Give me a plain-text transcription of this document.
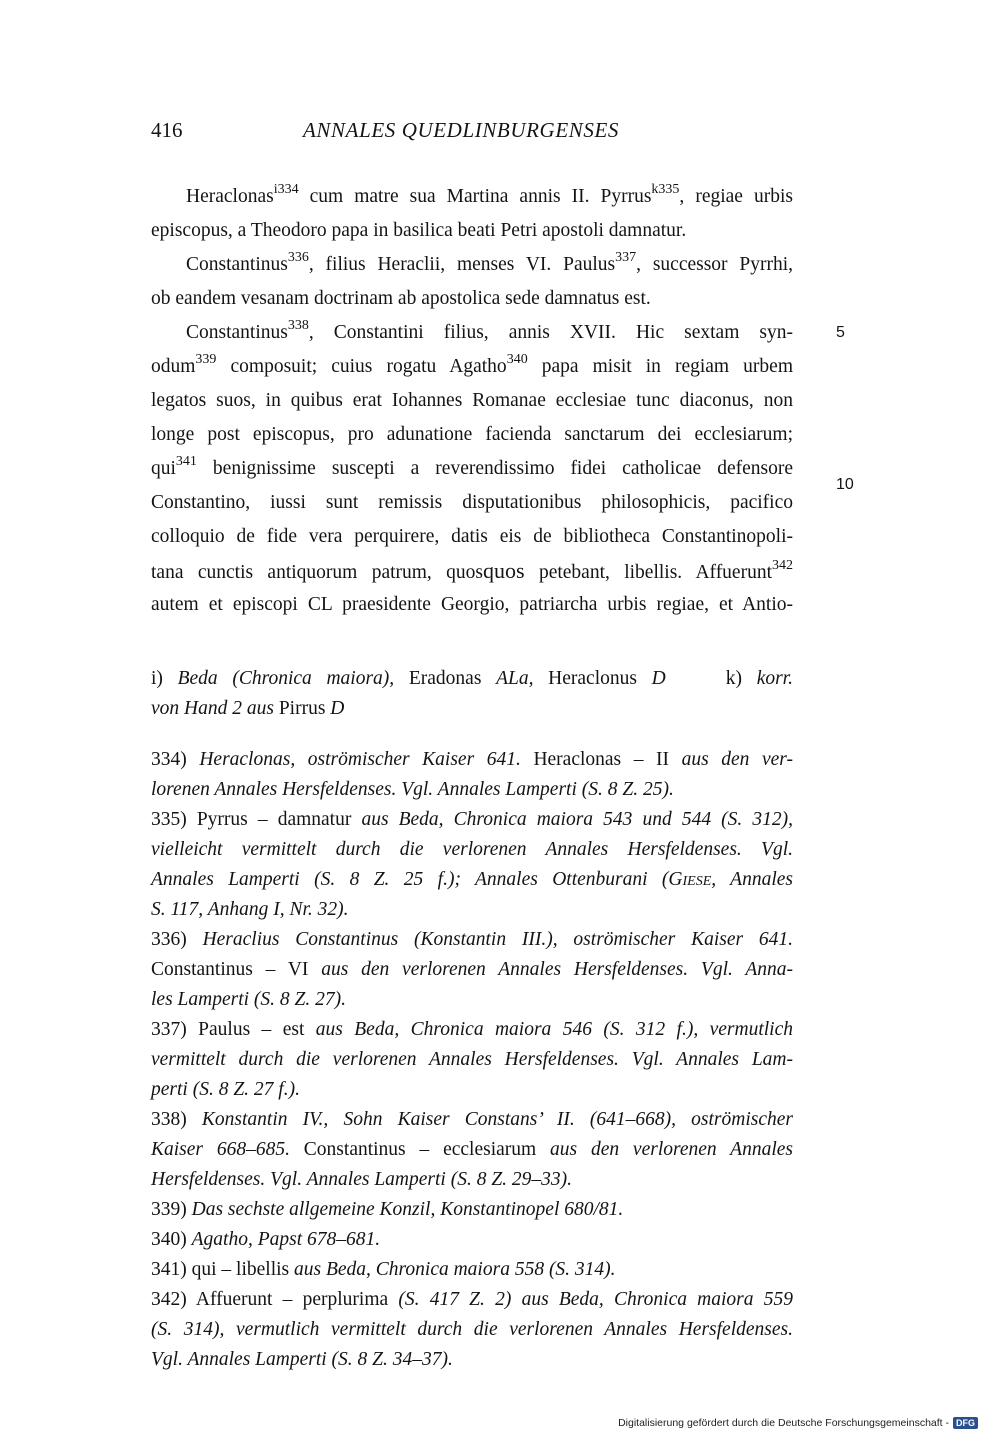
416	ANNALES QUEDLINBURGENSES
Heraclonas$^{i334}$ cum matre sua Martina annis II. Pyrrus$^{k335}$, regiae urbis
episcopus, a Theodoro papa in basilica beati Petri apostoli damnatur.
Constantinus$^{336}$, filius Heraclii, menses VI. Paulus$^{337}$, successor Pyrrhi,
ob eandem vesanam doctrinam ab apostolica sede damnatus est.
Constantinus$^{338}$, Constantini filius, annis XVII. Hic sextam syn-
odum$^{339}$ composuit; cuius rogatu Agatho$^{340}$ papa misit in regiam urbem
legatos suos, in quibus erat Iohannes Romanae ecclesiae tunc diaconus, non
longe post episcopus, pro adunatione facienda sanctarum dei ecclesiarum;
qui$^{341}$ benignissime suscepti a reverendissimo fidei catholicae defensore
Constantino, iussi sunt remissis disputationibus philosophicis, pacifico
colloquio de fide vera perquirere, datis eis de bibliotheca Constantinopoli-
tana cunctis antiquorum patrum, quosquos petebant, libellis. Affuerunt$^{342}$
autem et episcopi CL praesidente Georgio, patriarcha urbis regiae, et Antio-
5
10
i) Beda (Chronica maiora), Eradonas ALa, Heraclonus D	k) korr.
von Hand 2 aus Pirrus D
334) Heraclonas, oströmischer Kaiser 641. Heraclonas – II aus den ver-
lorenen Annales Hersfeldenses. Vgl. Annales Lamperti (S. 8 Z. 25).
335) Pyrrus – damnatur aus Beda, Chronica maiora 543 und 544 (S. 312),
vielleicht vermittelt durch die verlorenen Annales Hersfeldenses. Vgl.
Annales Lamperti (S. 8 Z. 25 f.); Annales Ottenburani (Giese, Annales
S. 117, Anhang I, Nr. 32).
336) Heraclius Constantinus (Konstantin III.), oströmischer Kaiser 641.
Constantinus – VI aus den verlorenen Annales Hersfeldenses. Vgl. Anna-
les Lamperti (S. 8 Z. 27).
337) Paulus – est aus Beda, Chronica maiora 546 (S. 312 f.), vermutlich
vermittelt durch die verlorenen Annales Hersfeldenses. Vgl. Annales Lam-
perti (S. 8 Z. 27 f.).
338) Konstantin IV., Sohn Kaiser Constans’ II. (641–668), oströmischer
Kaiser 668–685. Constantinus – ecclesiarum aus den verlorenen Annales
Hersfeldenses. Vgl. Annales Lamperti (S. 8 Z. 29–33).
339) Das sechste allgemeine Konzil, Konstantinopel 680/81.
340) Agatho, Papst 678–681.
341) qui – libellis aus Beda, Chronica maiora 558 (S. 314).
342) Affuerunt – perplurima (S. 417 Z. 2) aus Beda, Chronica maiora 559
(S. 314), vermutlich vermittelt durch die verlorenen Annales Hersfeldenses.
Vgl. Annales Lamperti (S. 8 Z. 34–37).
Digitalisierung gefördert durch die Deutsche Forschungsgemeinschaft - DFG
